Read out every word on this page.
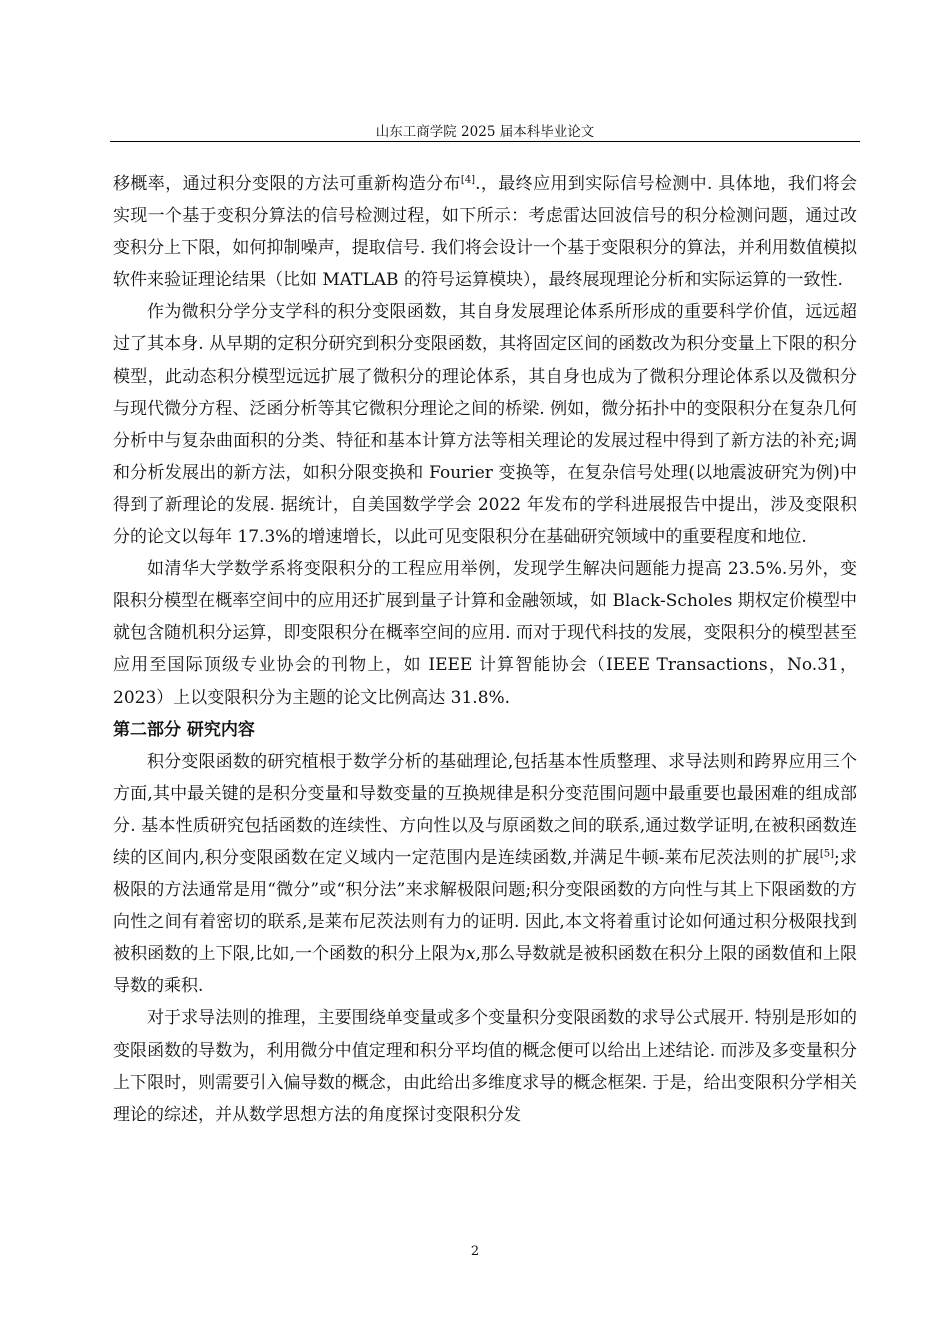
山东工商学院 2025 届本科毕业论文

移概率，通过积分变限的方法可重新构造分布[4].，最终应用到实际信号检测中. 具体地，我们将会实现一个基于变积分算法的信号检测过程，如下所示：考虑雷达回波信号的积分检测问题，通过改变积分上下限，如何抑制噪声，提取信号. 我们将会设计一个基于变限积分的算法，并利用数值模拟软件来验证理论结果（比如 MATLAB 的符号运算模块），最终展现理论分析和实际运算的一致性.

作为微积分学分支学科的积分变限函数，其自身发展理论体系所形成的重要科学价值，远远超过了其本身. 从早期的定积分研究到积分变限函数，其将固定区间的函数改为积分变量上下限的积分模型，此动态积分模型远远扩展了微积分的理论体系，其自身也成为了微积分理论体系以及微积分与现代微分方程、泛函分析等其它微积分理论之间的桥梁. 例如，微分拓扑中的变限积分在复杂几何分析中与复杂曲面积的分类、特征和基本计算方法等相关理论的发展过程中得到了新方法的补充;调和分析发展出的新方法，如积分限变换和 Fourier 变换等，在复杂信号处理(以地震波研究为例)中得到了新理论的发展. 据统计，自美国数学学会 2022 年发布的学科进展报告中提出，涉及变限积分的论文以每年 17.3%的增速增长，以此可见变限积分在基础研究领域中的重要程度和地位.

如清华大学数学系将变限积分的工程应用举例，发现学生解决问题能力提高 23.5%.另外，变限积分模型在概率空间中的应用还扩展到量子计算和金融领域，如 Black-Scholes 期权定价模型中就包含随机积分运算，即变限积分在概率空间的应用. 而对于现代科技的发展，变限积分的模型甚至应用至国际顶级专业协会的刊物上，如 IEEE 计算智能协会（IEEE Transactions，No.31，2023）上以变限积分为主题的论文比例高达 31.8%.

第二部分 研究内容

积分变限函数的研究植根于数学分析的基础理论,包括基本性质整理、求导法则和跨界应用三个方面,其中最关键的是积分变量和导数变量的互换规律是积分变范围问题中最重要也最困难的组成部分. 基本性质研究包括函数的连续性、方向性以及与原函数之间的联系,通过数学证明,在被积函数连续的区间内,积分变限函数在定义域内一定范围内是连续函数,并满足牛顿-莱布尼茨法则的扩展[5];求极限的方法通常是用“微分”或“积分法”来求解极限问题;积分变限函数的方向性与其上下限函数的方向性之间有着密切的联系,是莱布尼茨法则有力的证明. 因此,本文将着重讨论如何通过积分极限找到被积函数的上下限,比如,一个函数的积分上限为x,那么导数就是被积函数在积分上限的函数值和上限导数的乘积.

对于求导法则的推理，主要围绕单变量或多个变量积分变限函数的求导公式展开. 特别是形如的变限函数的导数为，利用微分中值定理和积分平均值的概念便可以给出上述结论. 而涉及多变量积分上下限时，则需要引入偏导数的概念，由此给出多维度求导的概念框架. 于是，给出变限积分学相关理论的综述，并从数学思想方法的角度探讨变限积分发

2
